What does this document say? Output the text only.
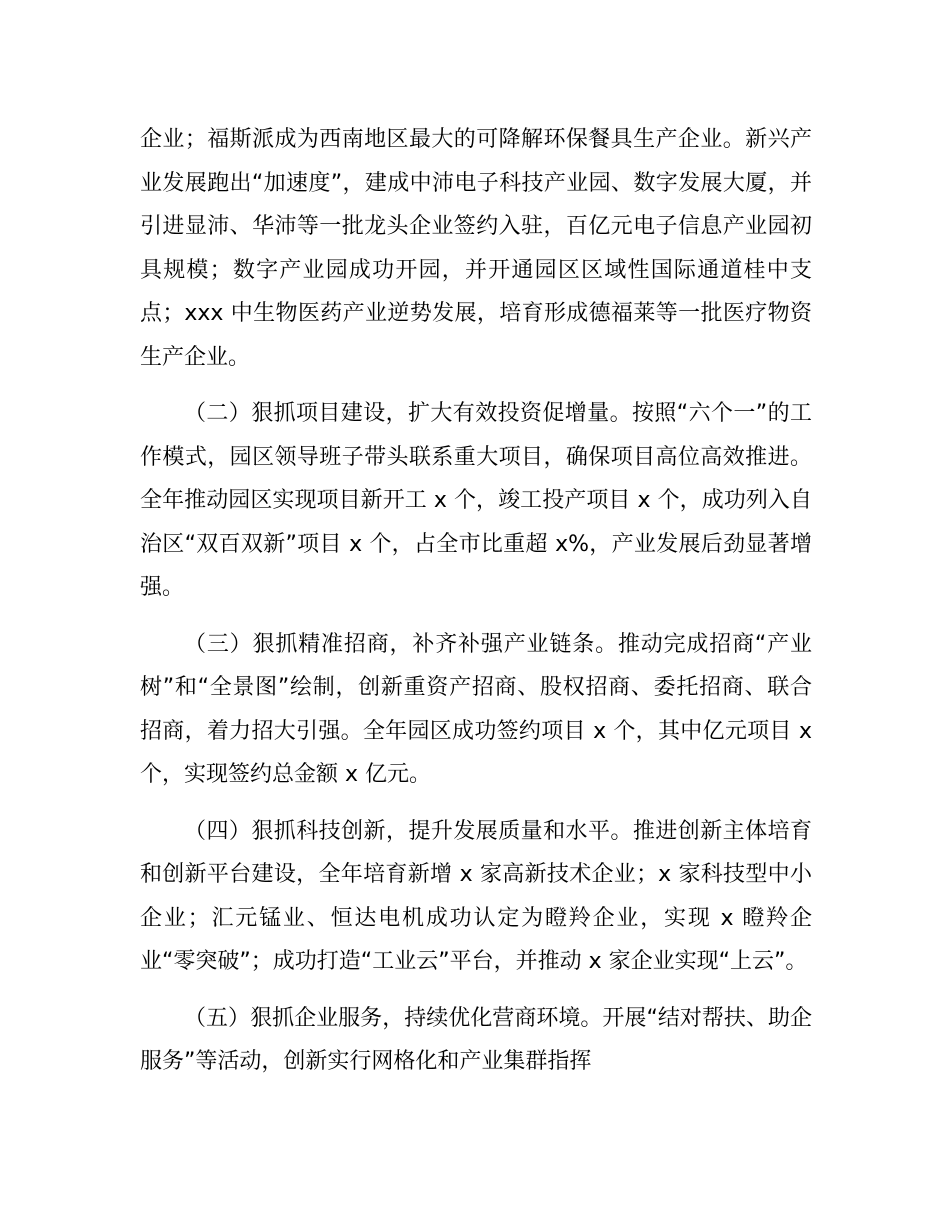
企业；福斯派成为西南地区最大的可降解环保餐具生产企业。新兴产业发展跑出“加速度”，建成中沛电子科技产业园、数字发展大厦，并引进显沛、华沛等一批龙头企业签约入驻，百亿元电子信息产业园初具规模；数字产业园成功开园，并开通园区区域性国际通道桂中支点；xxx 中生物医药产业逆势发展，培育形成德福莱等一批医疗物资生产企业。

（二）狠抓项目建设，扩大有效投资促增量。按照“六个一”的工作模式，园区领导班子带头联系重大项目，确保项目高位高效推进。全年推动园区实现项目新开工 x 个，竣工投产项目 x 个，成功列入自治区“双百双新”项目 x 个，占全市比重超 x%，产业发展后劲显著增强。

（三）狠抓精准招商，补齐补强产业链条。推动完成招商“产业树”和“全景图”绘制，创新重资产招商、股权招商、委托招商、联合招商，着力招大引强。全年园区成功签约项目 x 个，其中亿元项目 x 个，实现签约总金额 x 亿元。

（四）狠抓科技创新，提升发展质量和水平。推进创新主体培育和创新平台建设，全年培育新增 x 家高新技术企业；x 家科技型中小企业；汇元锰业、恒达电机成功认定为瞪羚企业，实现 x 瞪羚企业“零突破”；成功打造“工业云”平台，并推动 x 家企业实现“上云”。

（五）狠抓企业服务，持续优化营商环境。开展“结对帮扶、助企服务”等活动，创新实行网格化和产业集群指挥
